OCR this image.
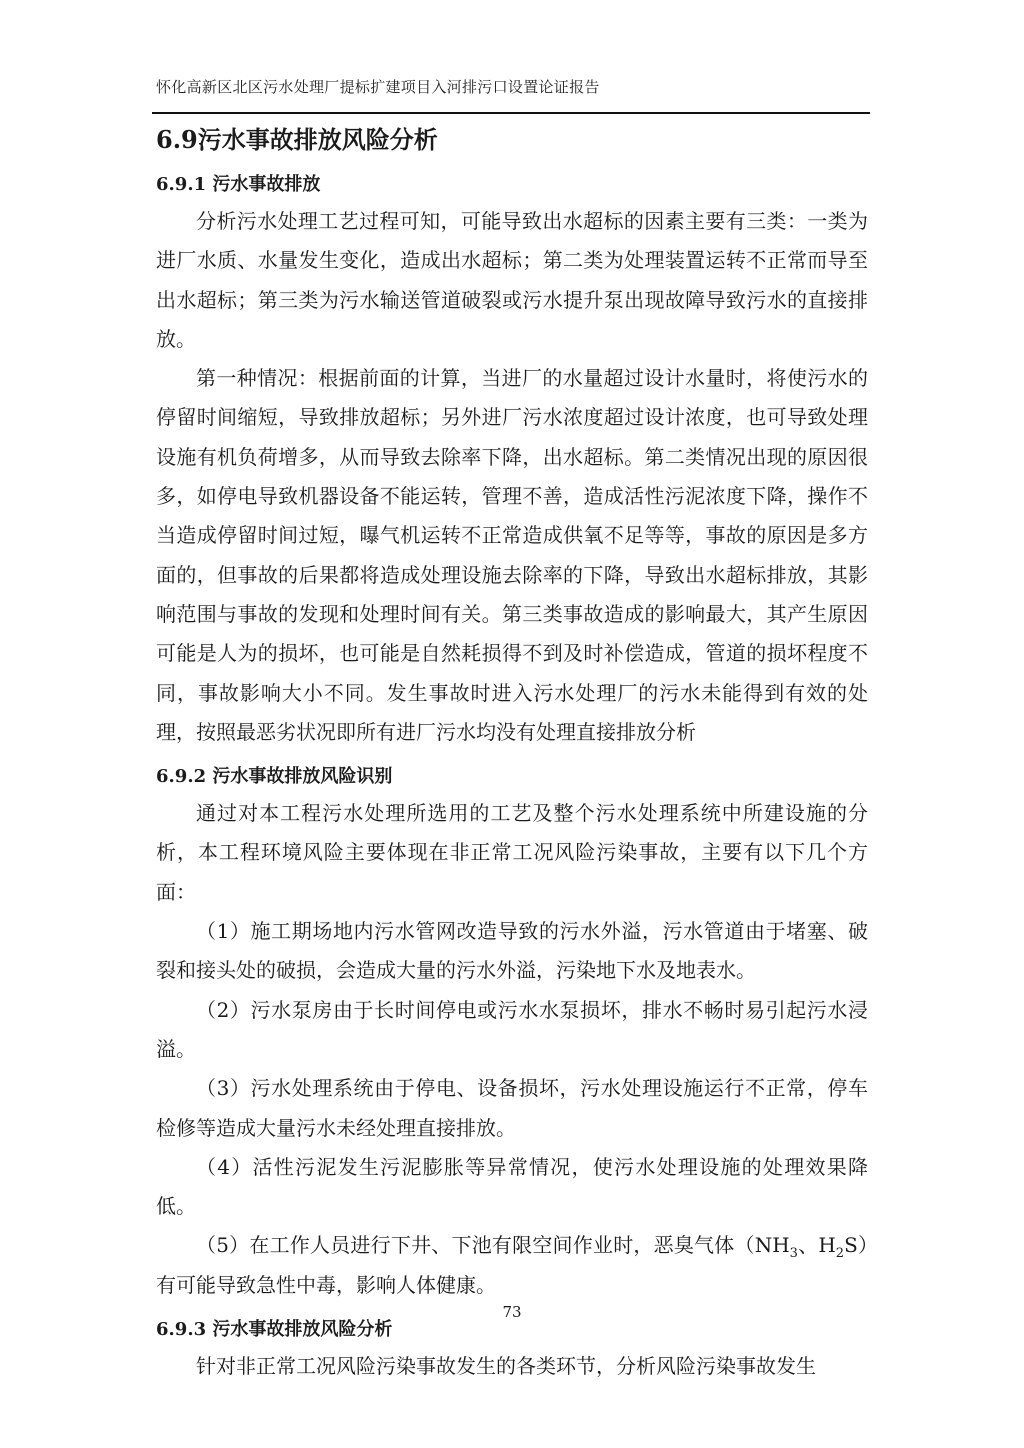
怀化高新区北区污水处理厂提标扩建项目入河排污口设置论证报告
6.9污水事故排放风险分析
6.9.1 污水事故排放

分析污水处理工艺过程可知，可能导致出水超标的因素主要有三类：一类为进厂水质、水量发生变化，造成出水超标；第二类为处理装置运转不正常而导至出水超标；第三类为污水输送管道破裂或污水提升泵出现故障导致污水的直接排放。

第一种情况：根据前面的计算，当进厂的水量超过设计水量时，将使污水的停留时间缩短，导致排放超标；另外进厂污水浓度超过设计浓度，也可导致处理设施有机负荷增多，从而导致去除率下降，出水超标。第二类情况出现的原因很多，如停电导致机器设备不能运转，管理不善，造成活性污泥浓度下降，操作不当造成停留时间过短，曝气机运转不正常造成供氧不足等等，事故的原因是多方面的，但事故的后果都将造成处理设施去除率的下降，导致出水超标排放，其影响范围与事故的发现和处理时间有关。第三类事故造成的影响最大，其产生原因可能是人为的损坏，也可能是自然耗损得不到及时补偿造成，管道的损坏程度不同，事故影响大小不同。发生事故时进入污水处理厂的污水未能得到有效的处理，按照最恶劣状况即所有进厂污水均没有处理直接排放分析

6.9.2 污水事故排放风险识别

通过对本工程污水处理所选用的工艺及整个污水处理系统中所建设施的分析，本工程环境风险主要体现在非正常工况风险污染事故，主要有以下几个方面：

（1）施工期场地内污水管网改造导致的污水外溢，污水管道由于堵塞、破裂和接头处的破损，会造成大量的污水外溢，污染地下水及地表水。

（2）污水泵房由于长时间停电或污水水泵损坏，排水不畅时易引起污水浸溢。

（3）污水处理系统由于停电、设备损坏，污水处理设施运行不正常，停车检修等造成大量污水未经处理直接排放。

（4）活性污泥发生污泥膨胀等异常情况，使污水处理设施的处理效果降低。

（5）在工作人员进行下井、下池有限空间作业时，恶臭气体（$NH_3$、$H_2S$）有可能导致急性中毒，影响人体健康。

6.9.3 污水事故排放风险分析

针对非正常工况风险污染事故发生的各类环节，分析风险污染事故发生

73
